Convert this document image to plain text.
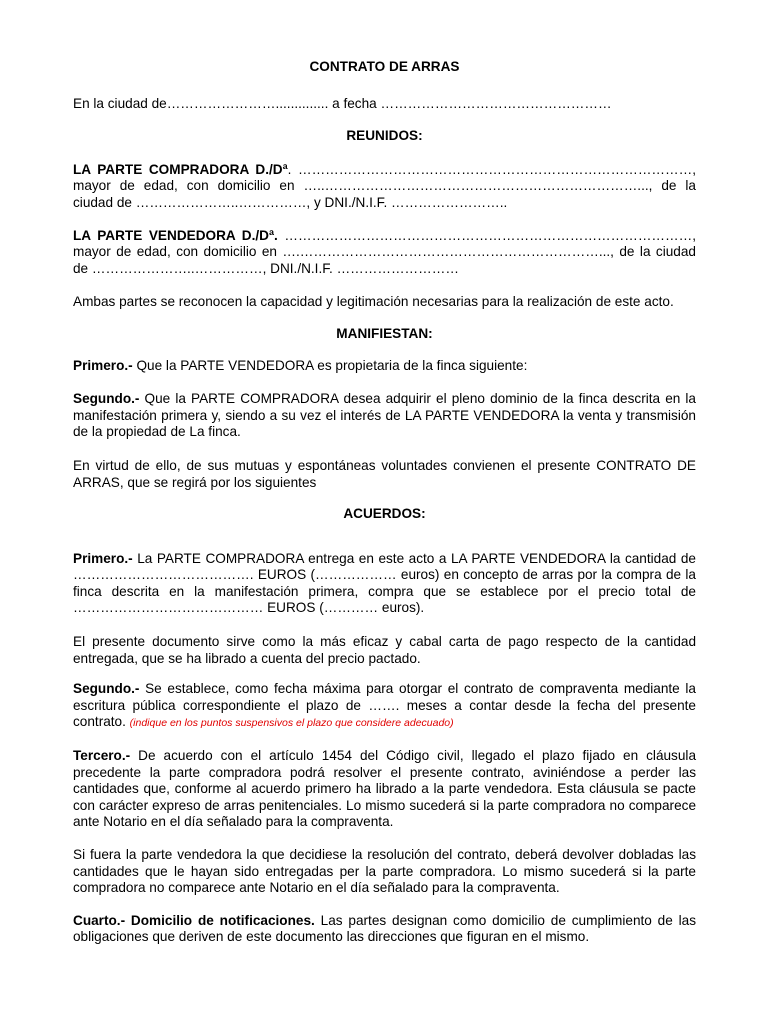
CONTRATO DE ARRAS

En la ciudad de…………………….............. a fecha ……………………………………………

REUNIDOS:

LA PARTE COMPRADORA D./Dª. ……………………………………………………………………………, mayor de edad, con domicilio en …..……………………………………………………………..., de la ciudad de …………………..……………, y DNI./N.I.F. ……………………..

LA PARTE VENDEDORA D./Dª. ………………………………………………………………………………, mayor de edad, con domicilio en ….…………………………………………………………..., de la ciudad de …………………..……………, DNI./N.I.F. ………………………

Ambas partes se reconocen la capacidad y legitimación necesarias para la realización de este acto.

MANIFIESTAN:

Primero.- Que la PARTE VENDEDORA es propietaria de la finca siguiente:

Segundo.- Que la PARTE COMPRADORA desea adquirir el pleno dominio de la finca descrita en la manifestación primera y, siendo a su vez el interés de LA PARTE VENDEDORA la venta y transmisión de la propiedad de La finca.

En virtud de ello, de sus mutuas y espontáneas voluntades convienen el presente CONTRATO DE ARRAS, que se regirá por los siguientes

ACUERDOS:

Primero.- La PARTE COMPRADORA entrega en este acto a LA PARTE VENDEDORA la cantidad de …………………………………. EUROS (……………… euros) en concepto de arras por la compra de la finca descrita en la manifestación primera, compra que se establece por el precio total de …………………………………… EUROS (………… euros).

El presente documento sirve como la más eficaz y cabal carta de pago respecto de la cantidad entregada, que se ha librado a cuenta del precio pactado.

Segundo.- Se establece, como fecha máxima para otorgar el contrato de compraventa mediante la escritura pública correspondiente el plazo de ……. meses a contar desde la fecha del presente contrato. (indique en los puntos suspensivos el plazo que considere adecuado)

Tercero.- De acuerdo con el artículo 1454 del Código civil, llegado el plazo fijado en cláusula precedente la parte compradora podrá resolver el presente contrato, aviniéndose a perder las cantidades que, conforme al acuerdo primero ha librado a la parte vendedora. Esta cláusula se pacte con carácter expreso de arras penitenciales. Lo mismo sucederá si la parte compradora no comparece ante Notario en el día señalado para la compraventa.

Si fuera la parte vendedora la que decidiese la resolución del contrato, deberá devolver dobladas las cantidades que le hayan sido entregadas per la parte compradora. Lo mismo sucederá si la parte compradora no comparece ante Notario en el día señalado para la compraventa.

Cuarto.- Domicilio de notificaciones. Las partes designan como domicilio de cumplimiento de las obligaciones que deriven de este documento las direcciones que figuran en el mismo.
